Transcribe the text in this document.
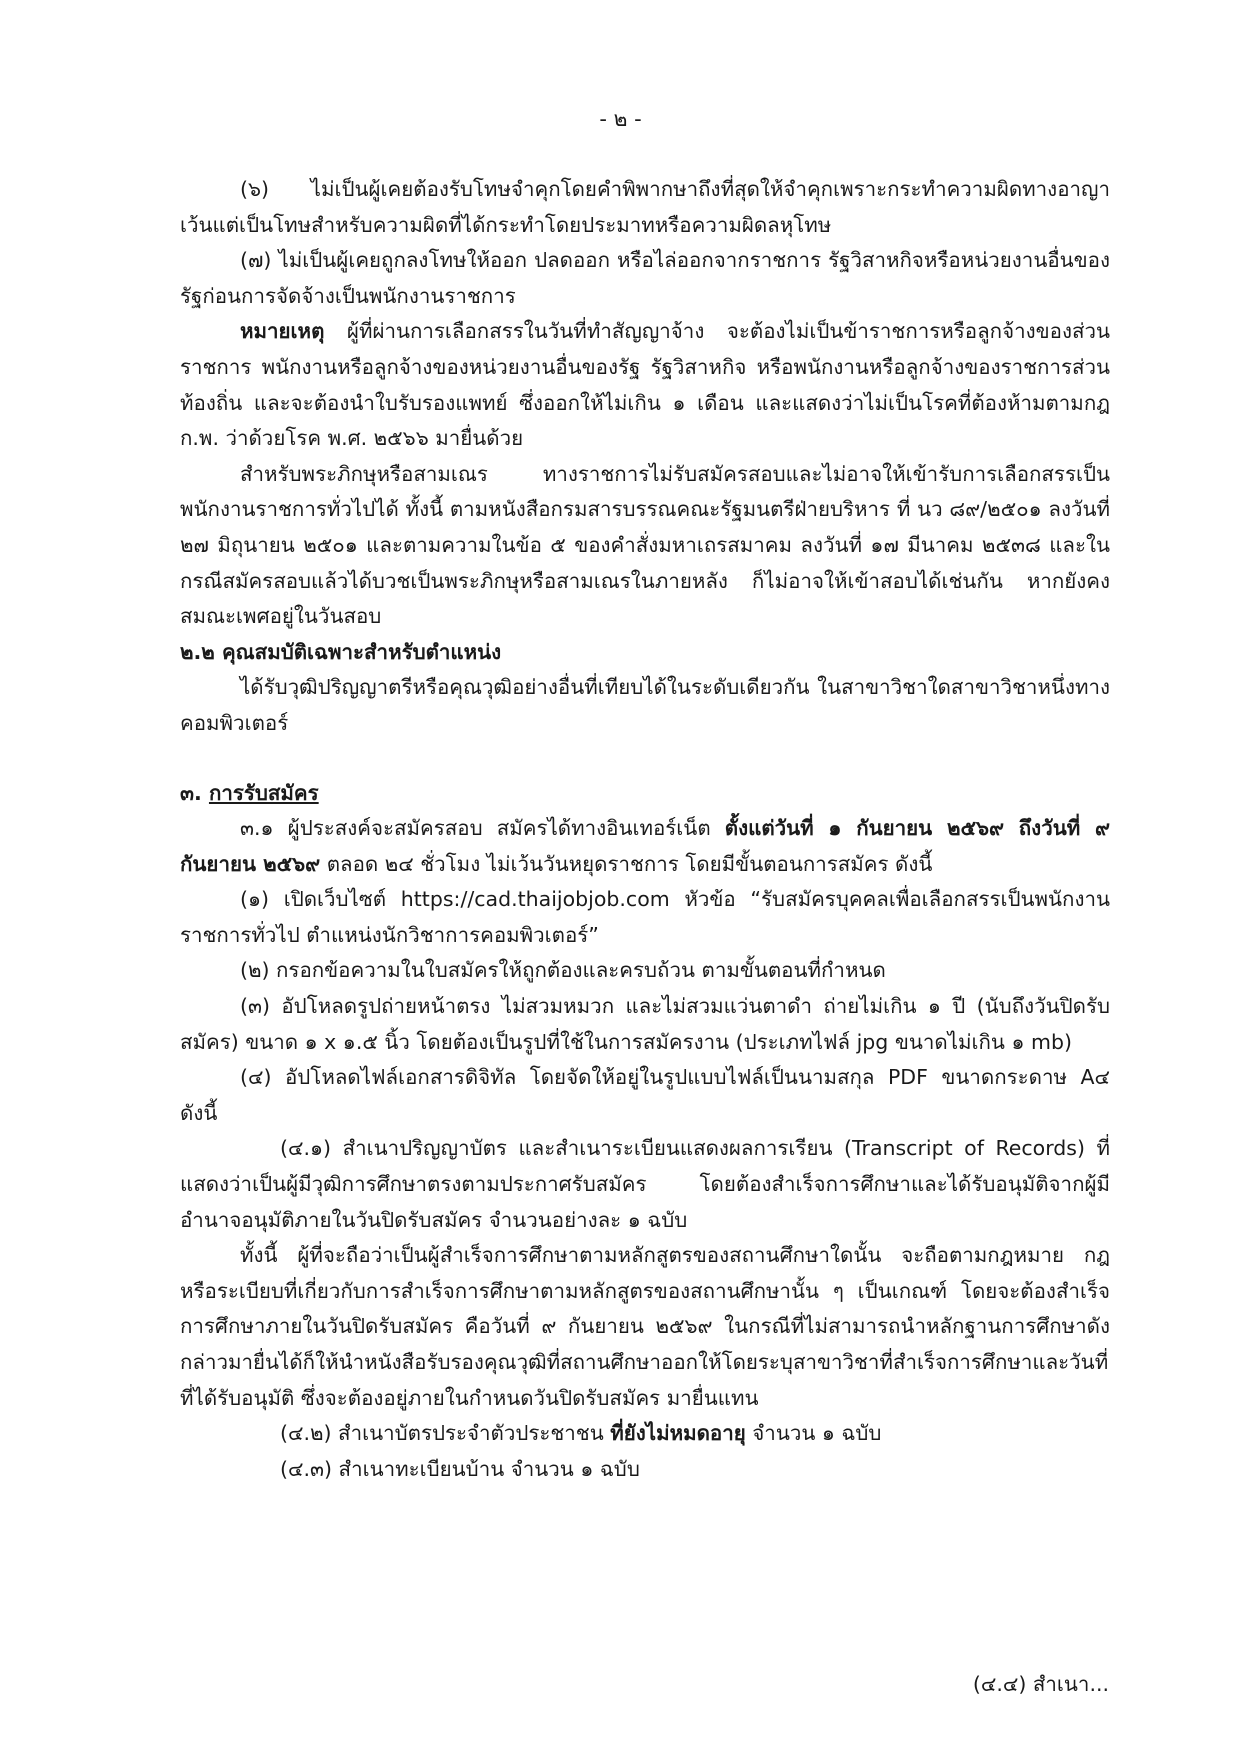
- ๒ -

(๖) ไม่เป็นผู้เคยต้องรับโทษจำคุกโดยคำพิพากษาถึงที่สุดให้จำคุกเพราะกระทำความผิดทางอาญา เว้นแต่เป็นโทษสำหรับความผิดที่ได้กระทำโดยประมาทหรือความผิดลหุโทษ

(๗) ไม่เป็นผู้เคยถูกลงโทษให้ออก ปลดออก หรือไล่ออกจากราชการ รัฐวิสาหกิจหรือหน่วยงานอื่นของรัฐก่อนการจัดจ้างเป็นพนักงานราชการ

หมายเหตุ ผู้ที่ผ่านการเลือกสรรในวันที่ทำสัญญาจ้าง จะต้องไม่เป็นข้าราชการหรือลูกจ้างของส่วนราชการ พนักงานหรือลูกจ้างของหน่วยงานอื่นของรัฐ รัฐวิสาหกิจ หรือพนักงานหรือลูกจ้างของราชการส่วนท้องถิ่น และจะต้องนำใบรับรองแพทย์ ซึ่งออกให้ไม่เกิน ๑ เดือน และแสดงว่าไม่เป็นโรคที่ต้องห้ามตามกฎ ก.พ. ว่าด้วยโรค พ.ศ. ๒๕๖๖ มายื่นด้วย

สำหรับพระภิกษุหรือสามเณร ทางราชการไม่รับสมัครสอบและไม่อาจให้เข้ารับการเลือกสรรเป็นพนักงานราชการทั่วไปได้ ทั้งนี้ ตามหนังสือกรมสารบรรณคณะรัฐมนตรีฝ่ายบริหาร ที่ นว ๘๙/๒๕๐๑ ลงวันที่ ๒๗ มิถุนายน ๒๕๐๑ และตามความในข้อ ๕ ของคำสั่งมหาเถรสมาคม ลงวันที่ ๑๗ มีนาคม ๒๕๓๘ และในกรณีสมัครสอบแล้วได้บวชเป็นพระภิกษุหรือสามเณรในภายหลัง ก็ไม่อาจให้เข้าสอบได้เช่นกัน หากยังคงสมณะเพศอยู่ในวันสอบ

๒.๒ คุณสมบัติเฉพาะสำหรับตำแหน่ง

ได้รับวุฒิปริญญาตรีหรือคุณวุฒิอย่างอื่นที่เทียบได้ในระดับเดียวกัน ในสาขาวิชาใดสาขาวิชาหนึ่งทางคอมพิวเตอร์

๓. การรับสมัคร

๓.๑ ผู้ประสงค์จะสมัครสอบ สมัครได้ทางอินเทอร์เน็ต ตั้งแต่วันที่ ๑ กันยายน ๒๕๖๙ ถึงวันที่ ๙ กันยายน ๒๕๖๙ ตลอด ๒๔ ชั่วโมง ไม่เว้นวันหยุดราชการ โดยมีขั้นตอนการสมัคร ดังนี้

(๑) เปิดเว็บไซต์ https://cad.thaijobjob.com หัวข้อ “รับสมัครบุคคลเพื่อเลือกสรรเป็นพนักงานราชการทั่วไป ตำแหน่งนักวิชาการคอมพิวเตอร์”

(๒) กรอกข้อความในใบสมัครให้ถูกต้องและครบถ้วน ตามขั้นตอนที่กำหนด

(๓) อัปโหลดรูปถ่ายหน้าตรง ไม่สวมหมวก และไม่สวมแว่นตาดำ ถ่ายไม่เกิน ๑ ปี (นับถึงวันปิดรับสมัคร) ขนาด ๑ x ๑.๕ นิ้ว โดยต้องเป็นรูปที่ใช้ในการสมัครงาน (ประเภทไฟล์ jpg ขนาดไม่เกิน ๑ mb)

(๔) อัปโหลดไฟล์เอกสารดิจิทัล โดยจัดให้อยู่ในรูปแบบไฟล์เป็นนามสกุล PDF ขนาดกระดาษ A๔ ดังนี้

(๔.๑) สำเนาปริญญาบัตร และสำเนาระเบียนแสดงผลการเรียน (Transcript of Records) ที่แสดงว่าเป็นผู้มีวุฒิการศึกษาตรงตามประกาศรับสมัคร โดยต้องสำเร็จการศึกษาและได้รับอนุมัติจากผู้มีอำนาจอนุมัติภายในวันปิดรับสมัคร จำนวนอย่างละ ๑ ฉบับ

ทั้งนี้ ผู้ที่จะถือว่าเป็นผู้สำเร็จการศึกษาตามหลักสูตรของสถานศึกษาใดนั้น จะถือตามกฎหมาย กฎ หรือระเบียบที่เกี่ยวกับการสำเร็จการศึกษาตามหลักสูตรของสถานศึกษานั้น ๆ เป็นเกณฑ์ โดยจะต้องสำเร็จการศึกษาภายในวันปิดรับสมัคร คือวันที่ ๙ กันยายน ๒๕๖๙ ในกรณีที่ไม่สามารถนำหลักฐานการศึกษาดังกล่าวมายื่นได้ก็ให้นำหนังสือรับรองคุณวุฒิที่สถานศึกษาออกให้โดยระบุสาขาวิชาที่สำเร็จการศึกษาและวันที่ที่ได้รับอนุมัติ ซึ่งจะต้องอยู่ภายในกำหนดวันปิดรับสมัคร มายื่นแทน

(๔.๒) สำเนาบัตรประจำตัวประชาชน ที่ยังไม่หมดอายุ จำนวน ๑ ฉบับ

(๔.๓) สำเนาทะเบียนบ้าน จำนวน ๑ ฉบับ

(๔.๔) สำเนา...
